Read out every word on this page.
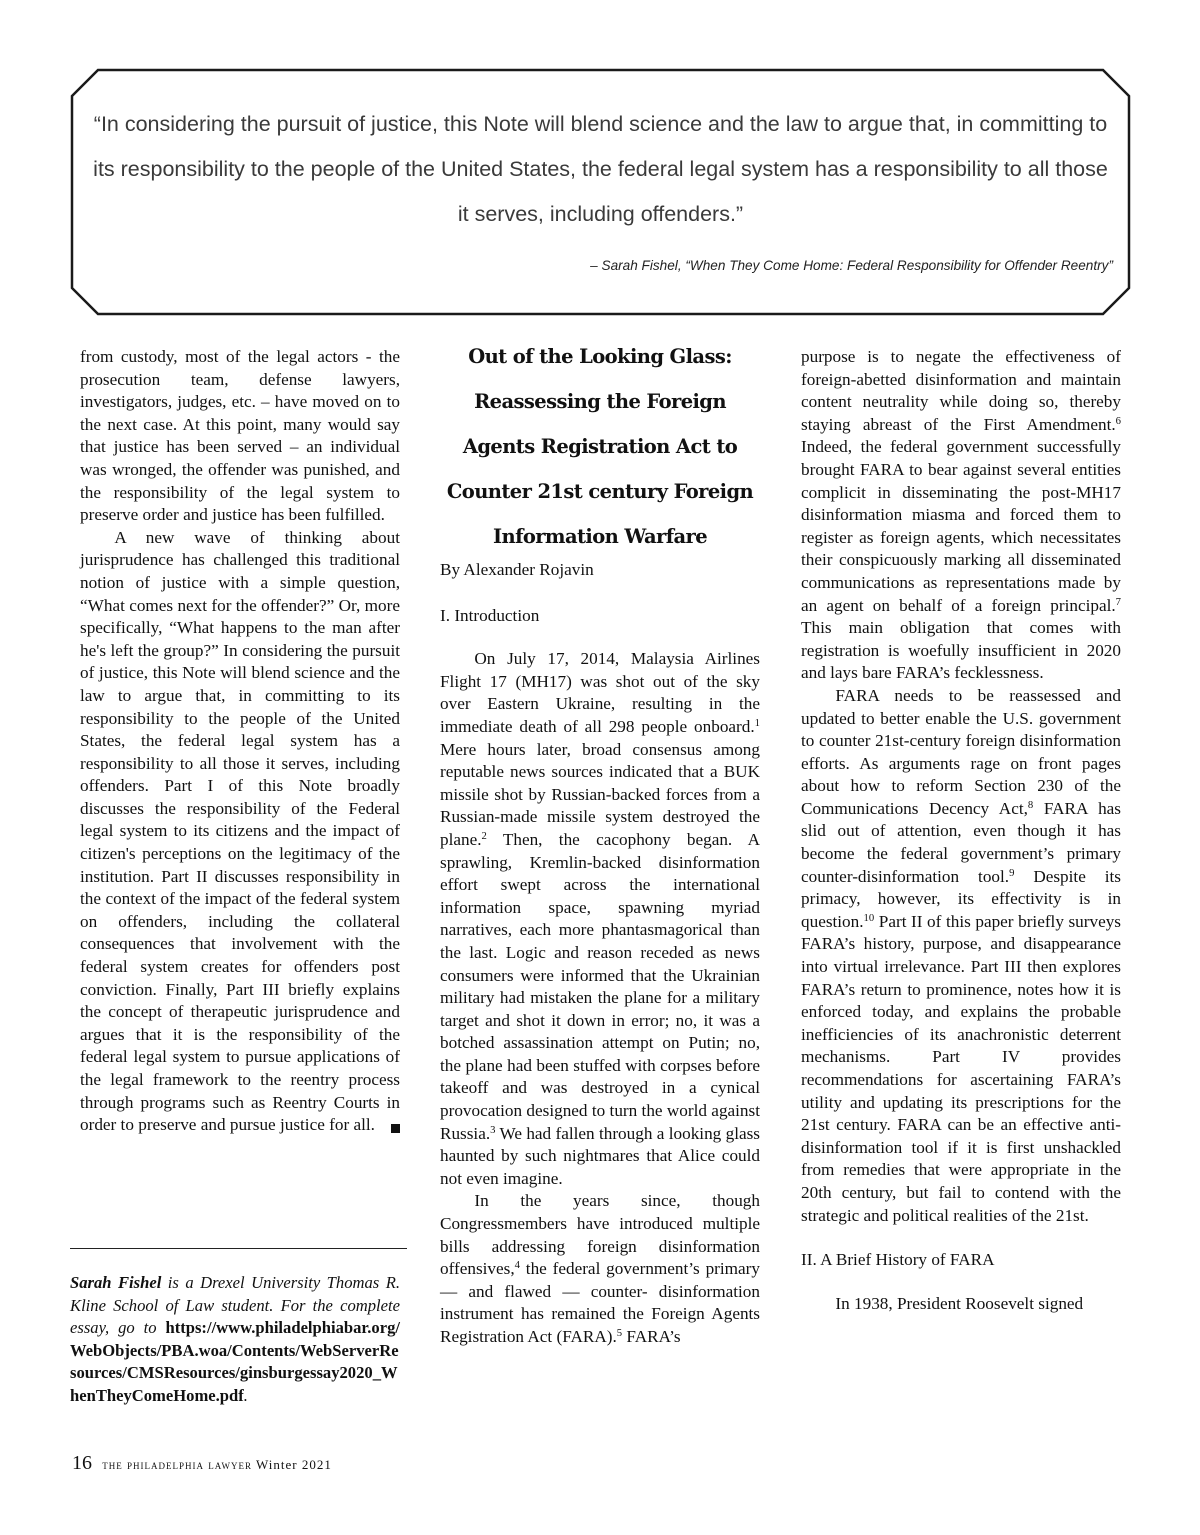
“In considering the pursuit of justice, this Note will blend science and the law to argue that, in committing to its responsibility to the people of the United States, the federal legal system has a responsibility to all those it serves, including offenders.”

– Sarah Fishel, “When They Come Home: Federal Responsibility for Offender Reentry”

from custody, most of the legal actors - the prosecution team, defense lawyers, investigators, judges, etc. – have moved on to the next case. At this point, many would say that justice has been served – an individual was wronged, the offender was punished, and the responsibility of the legal system to preserve order and justice has been fulfilled.

A new wave of thinking about jurisprudence has challenged this traditional notion of justice with a simple question, “What comes next for the offender?” Or, more specifically, “What happens to the man after he's left the group?” In considering the pursuit of justice, this Note will blend science and the law to argue that, in committing to its responsibility to the people of the United States, the federal legal system has a responsibility to all those it serves, including offenders. Part I of this Note broadly discusses the responsibility of the Federal legal system to its citizens and the impact of citizen's perceptions on the legitimacy of the institution. Part II discusses responsibility in the context of the impact of the federal system on offenders, including the collateral consequences that involvement with the federal system creates for offenders post conviction. Finally, Part III briefly explains the concept of therapeutic jurisprudence and argues that it is the responsibility of the federal legal system to pursue applications of the legal framework to the reentry process through programs such as Reentry Courts in order to preserve and pursue justice for all.

Sarah Fishel is a Drexel University Thomas R. Kline School of Law student. For the complete essay, go to https://www.philadelphiabar.org/WebObjects/PBA.woa/Contents/WebServerResources/CMSResources/ginsburgessay2020_WhenTheyComeHome.pdf.

Out of the Looking Glass: Reassessing the Foreign Agents Registration Act to Counter 21st century Foreign Information Warfare

By Alexander Rojavin

I. Introduction

On July 17, 2014, Malaysia Airlines Flight 17 (MH17) was shot out of the sky over Eastern Ukraine, resulting in the immediate death of all 298 people onboard.$^1$ Mere hours later, broad consensus among reputable news sources indicated that a BUK missile shot by Russian-backed forces from a Russian-made missile system destroyed the plane.$^2$ Then, the cacophony began. A sprawling, Kremlin-backed disinformation effort swept across the international information space, spawning myriad narratives, each more phantasmagorical than the last. Logic and reason receded as news consumers were informed that the Ukrainian military had mistaken the plane for a military target and shot it down in error; no, it was a botched assassination attempt on Putin; no, the plane had been stuffed with corpses before takeoff and was destroyed in a cynical provocation designed to turn the world against Russia.$^3$ We had fallen through a looking glass haunted by such nightmares that Alice could not even imagine.

In the years since, though Congressmembers have introduced multiple bills addressing foreign disinformation offensives,$^4$ the federal government’s primary — and flawed — counter- disinformation instrument has remained the Foreign Agents Registration Act (FARA).$^5$ FARA’s

purpose is to negate the effectiveness of foreign-abetted disinformation and maintain content neutrality while doing so, thereby staying abreast of the First Amendment.$^6$ Indeed, the federal government successfully brought FARA to bear against several entities complicit in disseminating the post-MH17 disinformation miasma and forced them to register as foreign agents, which necessitates their conspicuously marking all disseminated communications as representations made by an agent on behalf of a foreign principal.$^7$ This main obligation that comes with registration is woefully insufficient in 2020 and lays bare FARA’s fecklessness.

FARA needs to be reassessed and updated to better enable the U.S. government to counter 21st-century foreign disinformation efforts. As arguments rage on front pages about how to reform Section 230 of the Communications Decency Act,$^8$ FARA has slid out of attention, even though it has become the federal government’s primary counter-disinformation tool.$^9$ Despite its primacy, however, its effectivity is in question.$^{10}$ Part II of this paper briefly surveys FARA’s history, purpose, and disappearance into virtual irrelevance. Part III then explores FARA’s return to prominence, notes how it is enforced today, and explains the probable inefficiencies of its anachronistic deterrent mechanisms. Part IV provides recommendations for ascertaining FARA’s utility and updating its prescriptions for the 21st century. FARA can be an effective anti- disinformation tool if it is first unshackled from remedies that were appropriate in the 20th century, but fail to contend with the strategic and political realities of the 21st.

II. A Brief History of FARA

In 1938, President Roosevelt signed

16 the philadelphia lawyer Winter 2021
